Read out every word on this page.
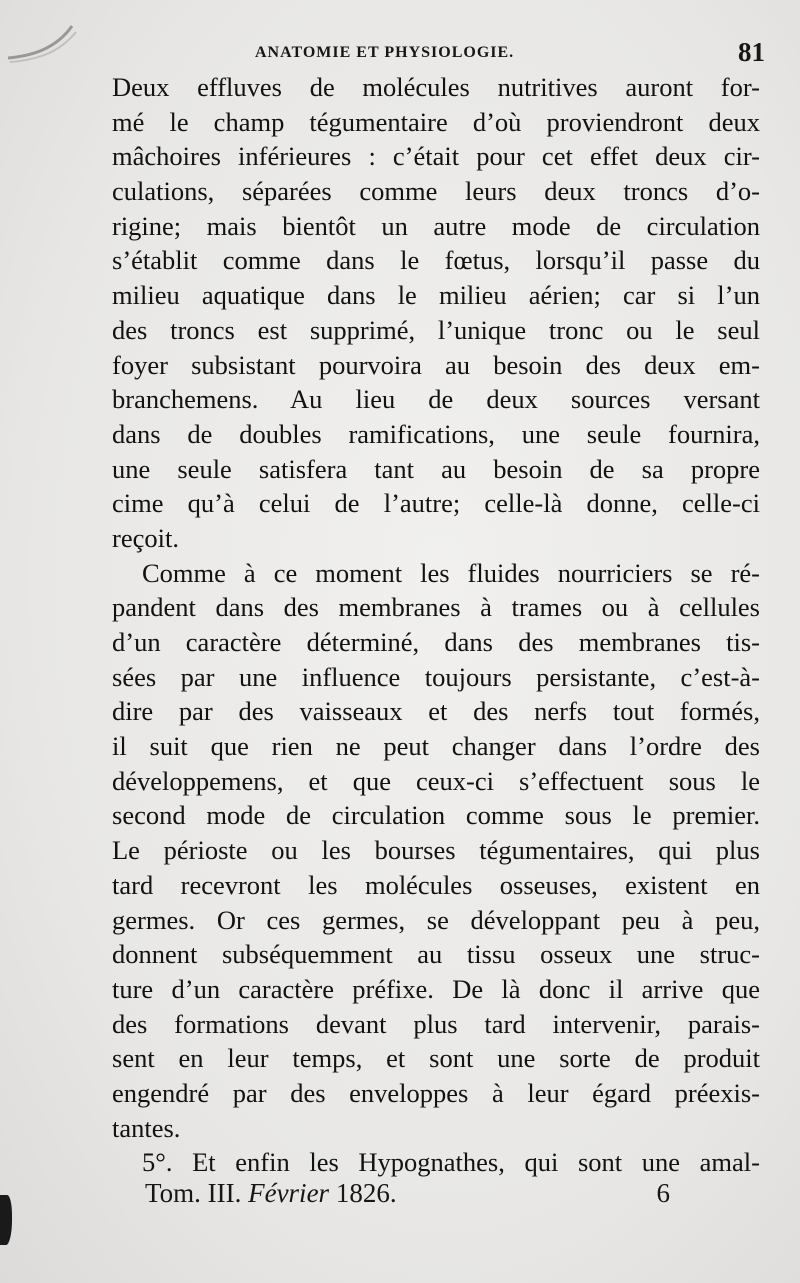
ANATOMIE ET PHYSIOLOGIE.	81
Deux effluves de molécules nutritives auront for-
mé le champ tégumentaire d’où proviendront deux
mâchoires inférieures : c’était pour cet effet deux cir-
culations, séparées comme leurs deux troncs d’o-
rigine; mais bientôt un autre mode de circulation
s’établit comme dans le fœtus, lorsqu’il passe du
milieu aquatique dans le milieu aérien; car si l’un
des troncs est supprimé, l’unique tronc ou le seul
foyer subsistant pourvoira au besoin des deux em-
branchemens. Au lieu de deux sources versant
dans de doubles ramifications, une seule fournira,
une seule satisfera tant au besoin de sa propre
cime qu’à celui de l’autre; celle-là donne, celle-ci
reçoit.
Comme à ce moment les fluides nourriciers se ré-
pandent dans des membranes à trames ou à cellules
d’un caractère déterminé, dans des membranes tis-
sées par une influence toujours persistante, c’est-à-
dire par des vaisseaux et des nerfs tout formés,
il suit que rien ne peut changer dans l’ordre des
développemens, et que ceux-ci s’effectuent sous le
second mode de circulation comme sous le premier.
Le périoste ou les bourses tégumentaires, qui plus
tard recevront les molécules osseuses, existent en
germes. Or ces germes, se développant peu à peu,
donnent subséquemment au tissu osseux une struc-
ture d’un caractère préfixe. De là donc il arrive que
des formations devant plus tard intervenir, parais-
sent en leur temps, et sont une sorte de produit
engendré par des enveloppes à leur égard préexis-
tantes.
5°. Et enfin les Hypognathes, qui sont une amal-
Tom. III. Février 1826.	6
